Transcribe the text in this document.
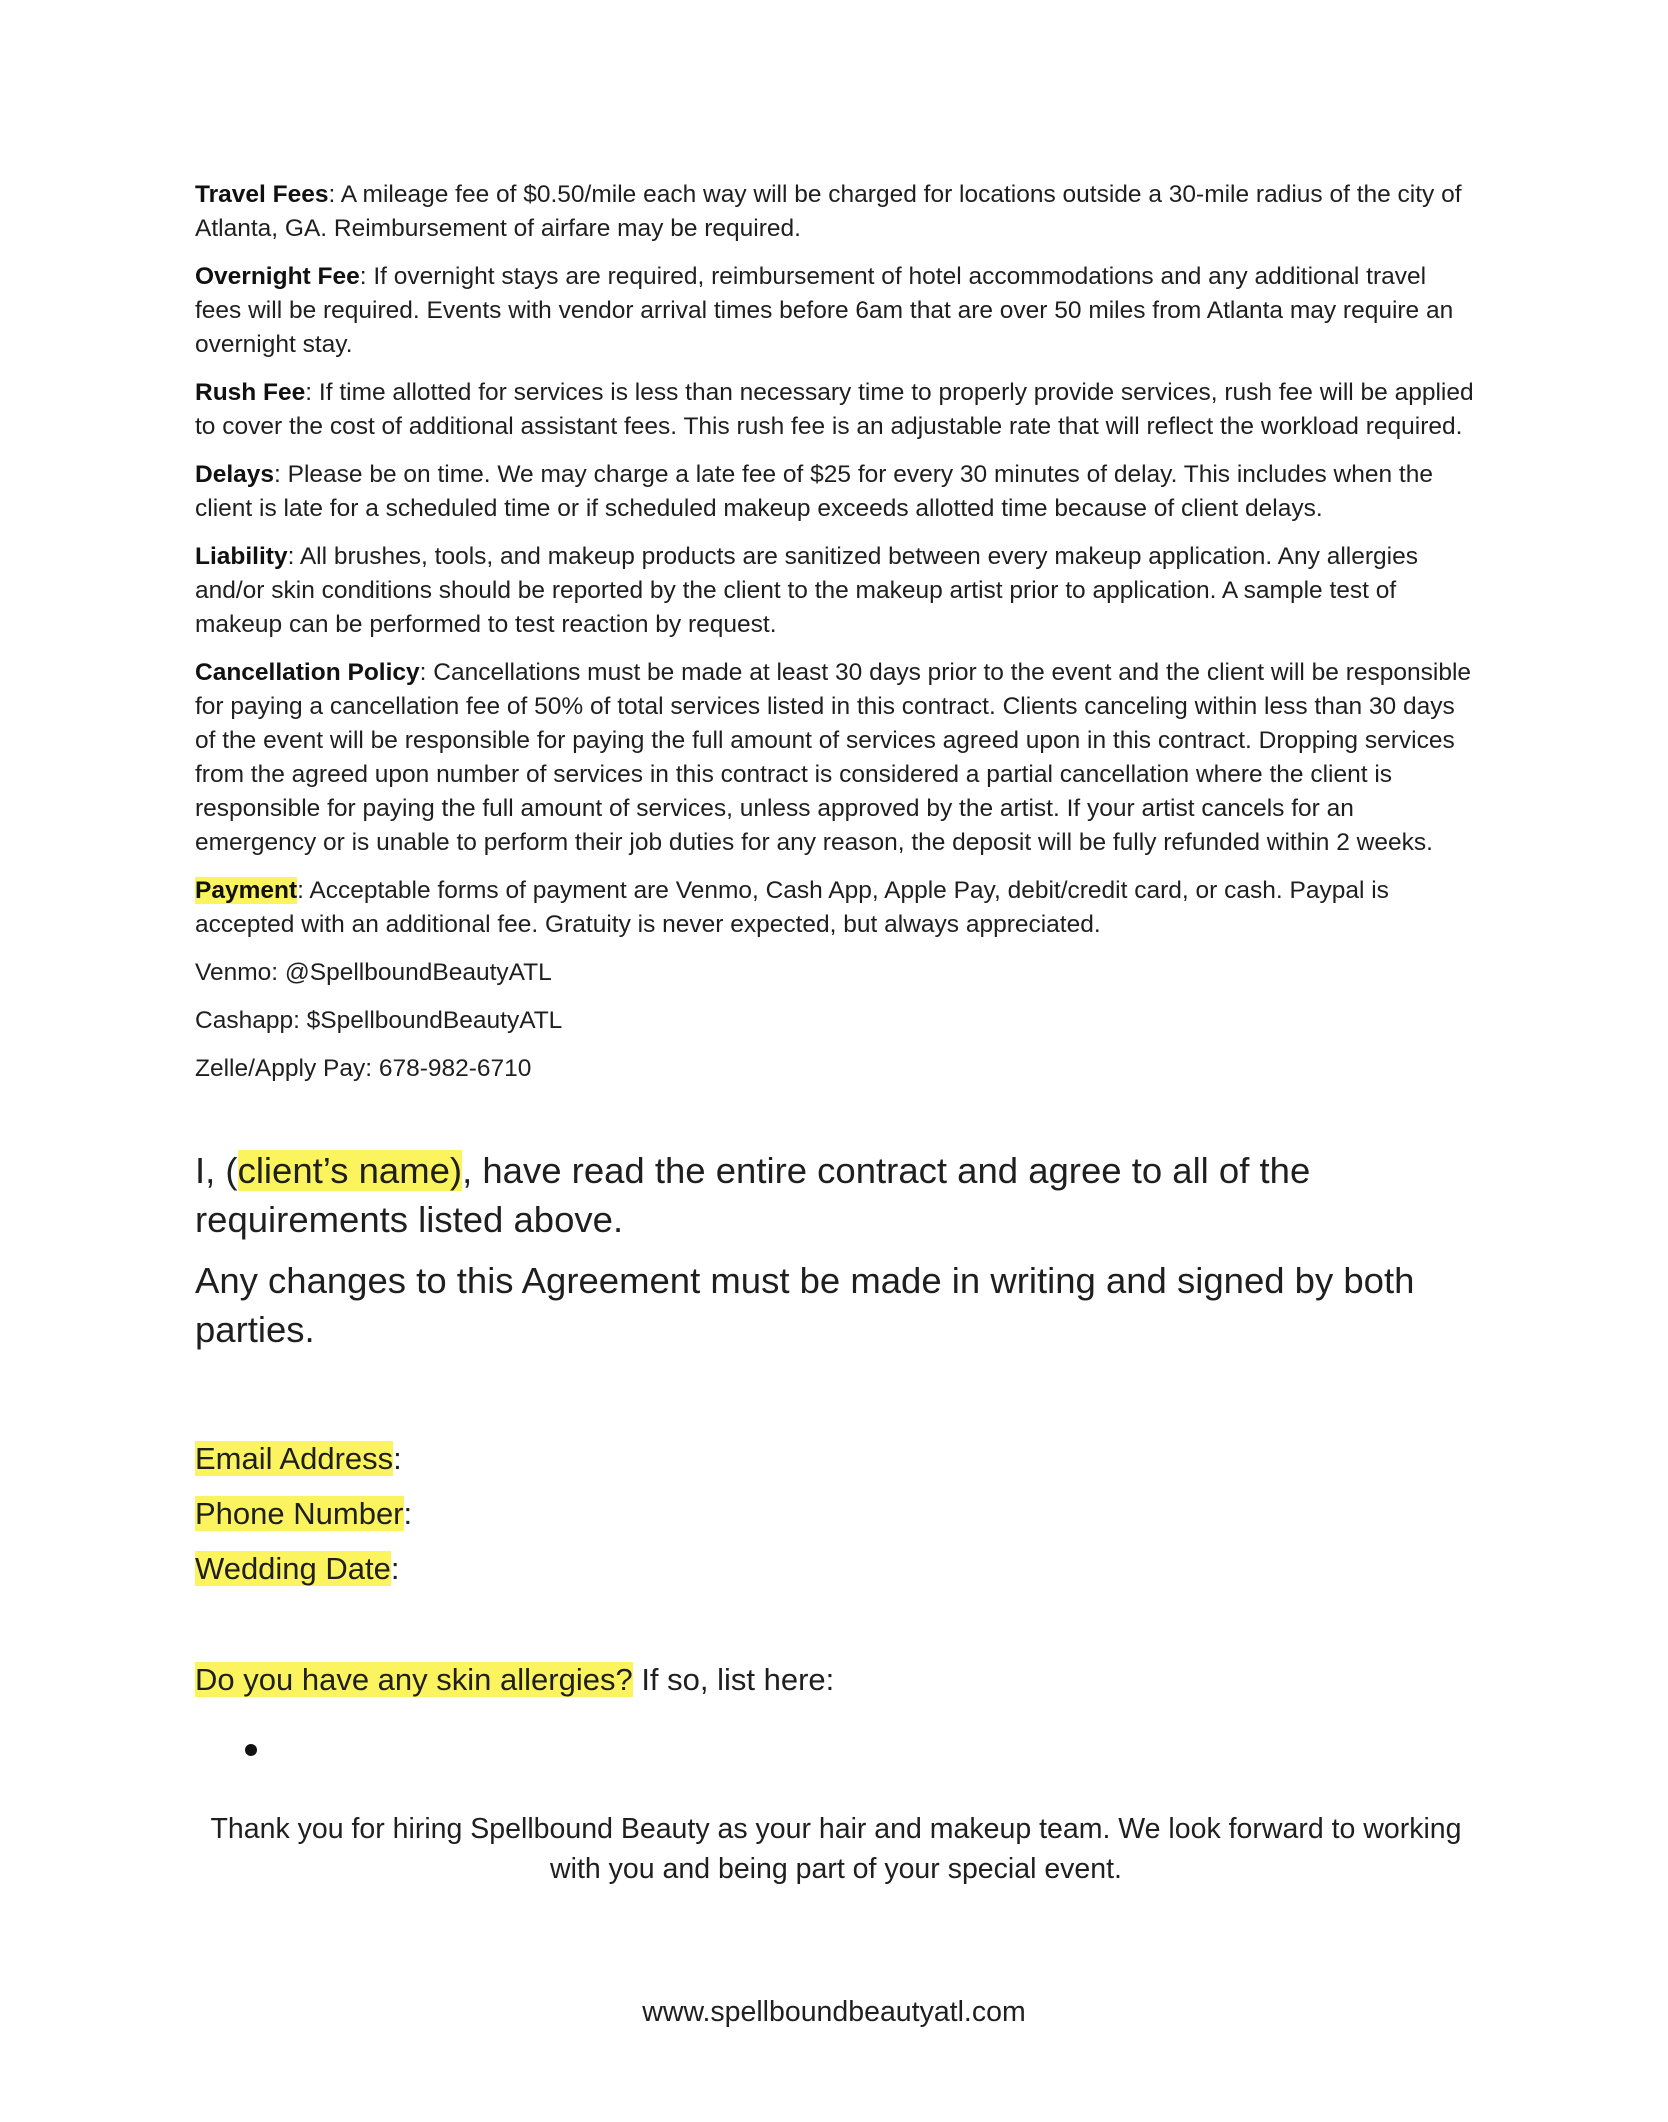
Travel Fees: A mileage fee of $0.50/mile each way will be charged for locations outside a 30-mile radius of the city of Atlanta, GA. Reimbursement of airfare may be required.

Overnight Fee: If overnight stays are required, reimbursement of hotel accommodations and any additional travel fees will be required. Events with vendor arrival times before 6am that are over 50 miles from Atlanta may require an overnight stay.

Rush Fee: If time allotted for services is less than necessary time to properly provide services, rush fee will be applied to cover the cost of additional assistant fees. This rush fee is an adjustable rate that will reflect the workload required.

Delays: Please be on time. We may charge a late fee of $25 for every 30 minutes of delay. This includes when the client is late for a scheduled time or if scheduled makeup exceeds allotted time because of client delays.

Liability: All brushes, tools, and makeup products are sanitized between every makeup application. Any allergies and/or skin conditions should be reported by the client to the makeup artist prior to application. A sample test of makeup can be performed to test reaction by request.

Cancellation Policy: Cancellations must be made at least 30 days prior to the event and the client will be responsible for paying a cancellation fee of 50% of total services listed in this contract. Clients canceling within less than 30 days of the event will be responsible for paying the full amount of services agreed upon in this contract. Dropping services from the agreed upon number of services in this contract is considered a partial cancellation where the client is responsible for paying the full amount of services, unless approved by the artist. If your artist cancels for an emergency or is unable to perform their job duties for any reason, the deposit will be fully refunded within 2 weeks.

Payment: Acceptable forms of payment are Venmo, Cash App, Apple Pay, debit/credit card, or cash. Paypal is accepted with an additional fee. Gratuity is never expected, but always appreciated.

Venmo: @SpellboundBeautyATL

Cashapp: $SpellboundBeautyATL

Zelle/Apply Pay: 678-982-6710

I, (client’s name), have read the entire contract and agree to all of the requirements listed above.

Any changes to this Agreement must be made in writing and signed by both parties.

Email Address:

Phone Number:

Wedding Date:

Do you have any skin allergies? If so, list here:

Thank you for hiring Spellbound Beauty as your hair and makeup team. We look forward to working with you and being part of your special event.

www.spellboundbeautyatl.com
